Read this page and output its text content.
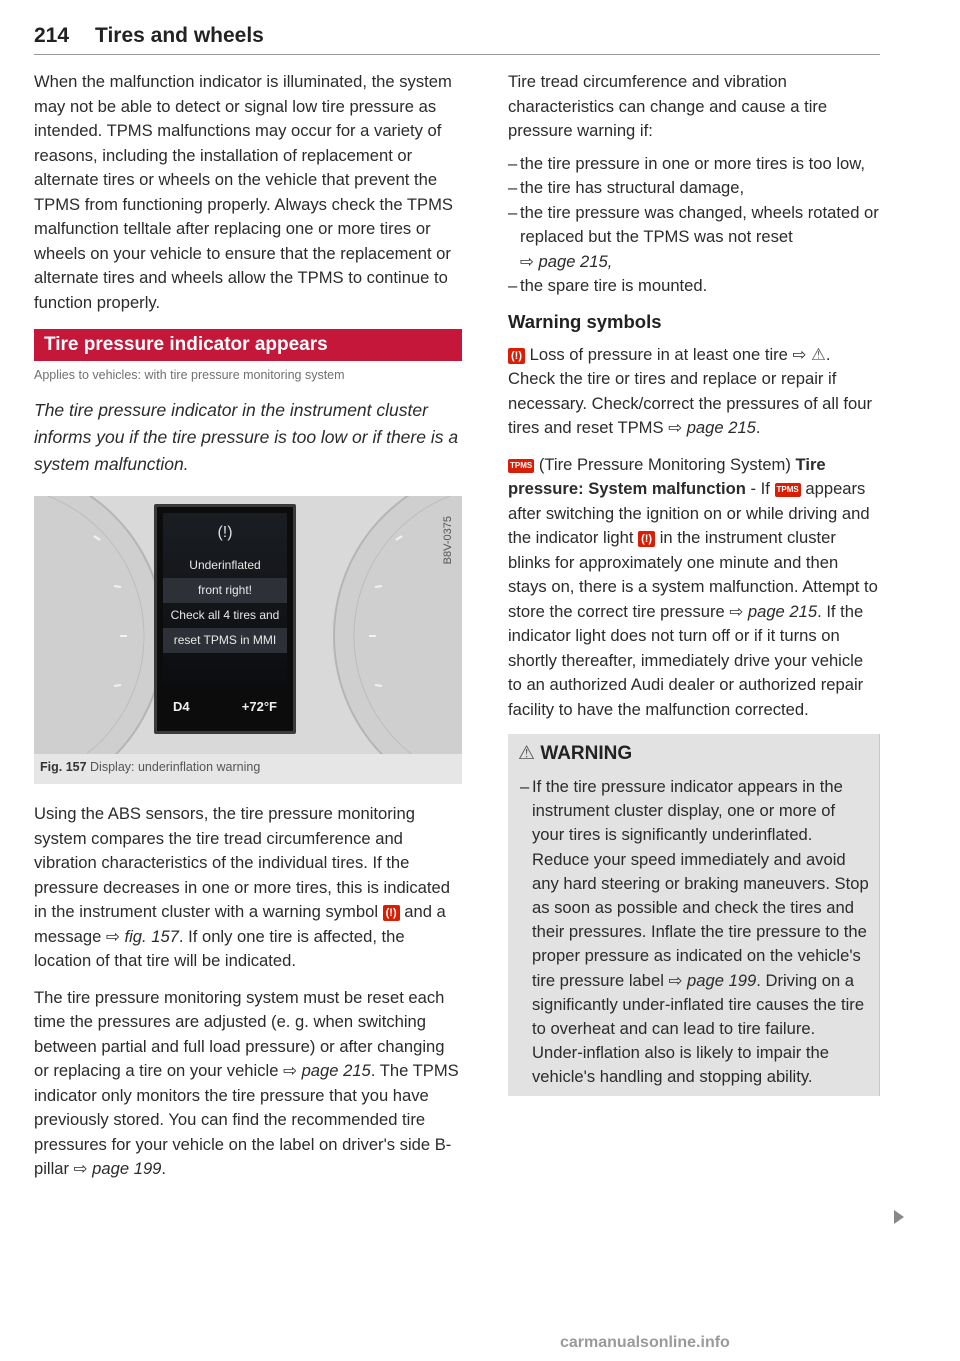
214 Tires and wheels

When the malfunction indicator is illuminated, the system may not be able to detect or signal low tire pressure as intended. TPMS malfunctions may occur for a variety of reasons, including the installation of replacement or alternate tires or wheels on the vehicle that prevent the TPMS from functioning properly. Always check the TPMS malfunction telltale after replacing one or more tires or wheels on your vehicle to ensure that the replacement or alternate tires and wheels allow the TPMS to continue to function properly.

Tire pressure indicator appears
Applies to vehicles: with tire pressure monitoring system
The tire pressure indicator in the instrument cluster informs you if the tire pressure is too low or if there is a system malfunction.
(!)
Underinflated
front right!
Check all 4 tires and
reset TPMS in MMI
D4	+72°F
B8V-0375
Fig. 157 Display: underinflation warning

Using the ABS sensors, the tire pressure monitoring system compares the tire tread circumference and vibration characteristics of the individual tires. If the pressure decreases in one or more tires, this is indicated in the instrument cluster with a warning symbol (!) and a message ⇨ fig. 157. If only one tire is affected, the location of that tire will be indicated.

The tire pressure monitoring system must be reset each time the pressures are adjusted (e. g. when switching between partial and full load pressure) or after changing or replacing a tire on your vehicle ⇨ page 215. The TPMS indicator only monitors the tire pressure that you have previously stored. You can find the recommended tire pressures for your vehicle on the label on driver's side B-pillar ⇨ page 199.

Tire tread circumference and vibration characteristics can change and cause a tire pressure warning if:

– the tire pressure in one or more tires is too low,
– the tire has structural damage,
– the tire pressure was changed, wheels rotated or replaced but the TPMS was not reset
⇨ page 215,
– the spare tire is mounted.
Warning symbols

(!) Loss of pressure in at least one tire ⇨ ⚠. Check the tire or tires and replace or repair if necessary. Check/correct the pressures of all four tires and reset TPMS ⇨ page 215.

TPMS (Tire Pressure Monitoring System) Tire pressure: System malfunction - If TPMS appears after switching the ignition on or while driving and the indicator light (!) in the instrument cluster blinks for approximately one minute and then stays on, there is a system malfunction. Attempt to store the correct tire pressure ⇨ page 215. If the indicator light does not turn off or if it turns on shortly thereafter, immediately drive your vehicle to an authorized Audi dealer or authorized repair facility to have the malfunction corrected.

⚠ WARNING
– If the tire pressure indicator appears in the instrument cluster display, one or more of your tires is significantly underinflated. Reduce your speed immediately and avoid any hard steering or braking maneuvers. Stop as soon as possible and check the tires and their pressures. Inflate the tire pressure to the proper pressure as indicated on the vehicle's tire pressure label ⇨ page 199. Driving on a significantly under-inflated tire causes the tire to overheat and can lead to tire failure. Under-inflation also is likely to impair the vehicle's handling and stopping ability.
carmanualsonline.info
